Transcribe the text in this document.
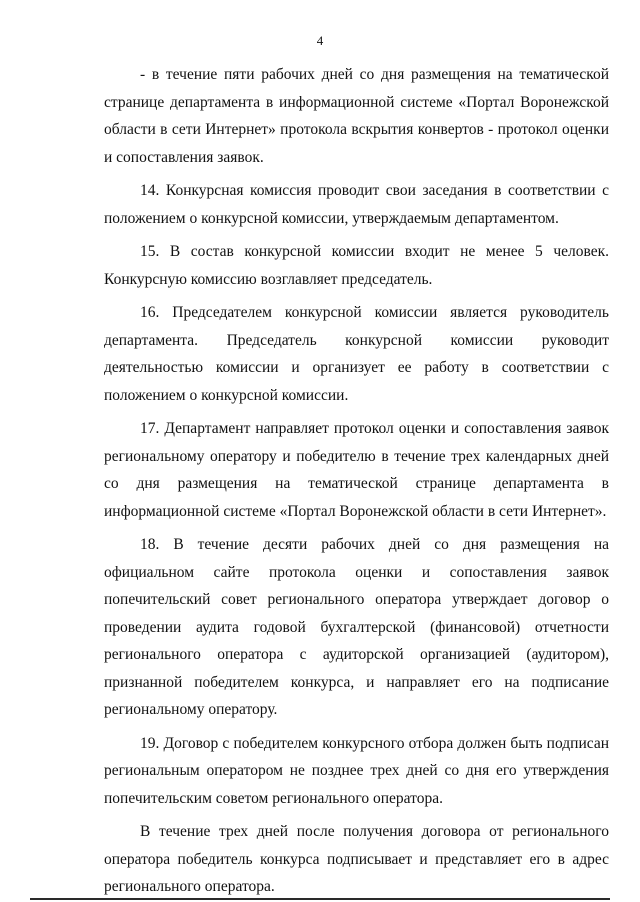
4

- в течение пяти рабочих дней со дня размещения на тематической странице департамента в информационной системе «Портал Воронежской области в сети Интернет» протокола вскрытия конвертов - протокол оценки и сопоставления заявок.

14. Конкурсная комиссия проводит свои заседания в соответствии с положением о конкурсной комиссии, утверждаемым департаментом.

15. В состав конкурсной комиссии входит не менее 5 человек. Конкурсную комиссию возглавляет председатель.

16. Председателем конкурсной комиссии является руководитель департамента. Председатель конкурсной комиссии руководит деятельностью комиссии и организует ее работу в соответствии с положением о конкурсной комиссии.

17. Департамент направляет протокол оценки и сопоставления заявок региональному оператору и победителю в течение трех календарных дней со дня размещения на тематической странице департамента в информационной системе «Портал Воронежской области в сети Интернет».

18. В течение десяти рабочих дней со дня размещения на официальном сайте протокола оценки и сопоставления заявок попечительский совет регионального оператора утверждает договор о проведении аудита годовой бухгалтерской (финансовой) отчетности регионального оператора с аудиторской организацией (аудитором), признанной победителем конкурса, и направляет его на подписание региональному оператору.

19. Договор с победителем конкурсного отбора должен быть подписан региональным оператором не позднее трех дней со дня его утверждения попечительским советом регионального оператора.

В течение трех дней после получения договора от регионального оператора победитель конкурса подписывает и представляет его в адрес регионального оператора.
